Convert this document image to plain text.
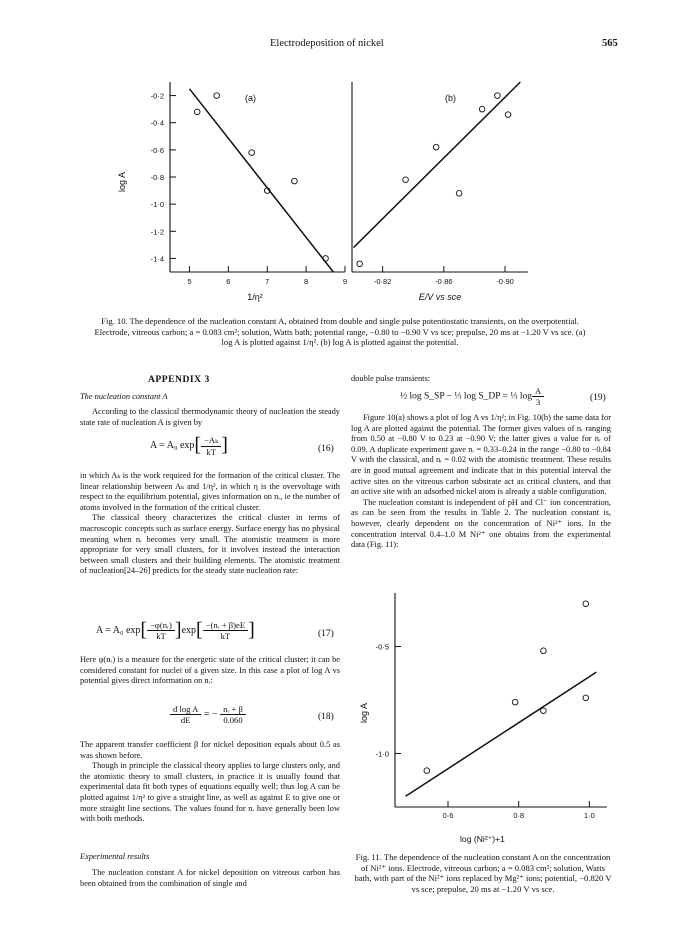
Electrodeposition of nickel	565
-0·2
-0·4
-0·6
-0·8
-1·0
-1·2
-1·4
5	6	7	8	9	-0·82	-0·86	-0·90
(a)	(b)
log A
1/η²	E/V vs sce
Fig. 10. The dependence of the nucleation constant A, obtained from double and single pulse potentiostatic transients, on the overpotential. Electrode, vitreous carbon; a = 0.083 cm²; solution, Watts bath; potential range, −0.80 to −0.90 V vs sce; prepulse, 20 ms at −1.20 V vs sce. (a) log A is plotted against 1/η². (b) log A is plotted against the potential.
APPENDIX 3
The nucleation constant A

According to the classical thermodynamic theory of nucleation the steady state rate of nucleation A is given by

A = A₀ $\exp[ \frac{\text{−Aₖ}}{kT}$ ]	(16)

in which Aₖ is the work required for the formation of the critical cluster. The linear relationship between Aₖ and 1/η², in which η is the overvoltage with respect to the equilibrium potential, gives information on nᵣ, ie the number of atoms involved in the formation of the critical cluster.

The classical theory characterizes the critical cluster in terms of macroscopic concepts such as surface energy. Surface energy has no physical meaning when nᵣ becomes very small. The atomistic treatment is more appropriate for very small clusters, for it involves instead the interaction between small clusters and their building elements. The atomistic treatment of nucleation[24–26] predicts for the steady state nucleation rate:

A = A₀ $\exp[ \frac{\text{−φ(nᵣ)}}{kT} ]\exp[ \frac{\text{−(nᵣ + β)eE}}{kT}$ ]	(17)

Here φ(nᵣ) is a measure for the energetic state of the critical cluster; it can be considered constant for nuclei of a given size. In this case a plot of log A vs potential gives direct information on nᵣ:

$\frac{\text{d log A}}{dE}$ = − $\frac{\text{nᵣ + β}}{0.060}$	(18)

The apparent transfer coefficient β for nickel deposition equals about 0.5 as was shown before.

Though in principle the classical theory applies to large clusters only, and the atomistic theory to small clusters, in practice it is usually found that experimental data fit both types of equations equally well; thus log A can be plotted against 1/η² to give a straight line, as well as against E to give one or more straight line sections. The values found for nᵣ have generally been low with both methods.

Experimental results

The nucleation constant A for nickel deposition on vitreous carbon has been obtained from the combination of single and

double pulse transients:
½ log S_SP − ⅓ log S_DP = ⅓ $\log \frac{A}{3}$	(19)

Figure 10(a) shows a plot of log A vs 1/η²; in Fig. 10(b) the same data for log A are plotted against the potential. The former gives values of nᵣ ranging from 0.50 at −0.80 V to 0.23 at −0.90 V; the latter gives a value for nᵣ of 0.09. A duplicate experiment gave nᵣ = 0.33–0.24 in the range −0.80 to −0.84 V with the classical, and nᵣ = 0.02 with the atomistic treatment. These results are in good mutual agreement and indicate that in this potential interval the active sites on the vitreous carbon substrate act as critical clusters, and that an active site with an adsorbed nickel atom is already a stable configuration.

The nucleation constant is independent of pH and Cl⁻ ion concentration, as can be seen from the results in Table 2. The nucleation constant is, however, clearly dependent on the concentration of Ni²⁺ ions. In the concentration interval 0.4–1.0 M Ni²⁺ one obtains from the experimental data (Fig. 11):

-0·5
-1·0
0·6	0·8	1·0
log A
log (Ni²⁺)+1
Fig. 11. The dependence of the nucleation constant A on the concentration of Ni²⁺ ions. Electrode, vitreous carbon; a = 0.083 cm²; solution, Watts bath, with part of the Ni²⁺ ions replaced by Mg²⁺ ions; potential, −0.820 V vs sce; prepulse, 20 ms at −1.20 V vs sce.
